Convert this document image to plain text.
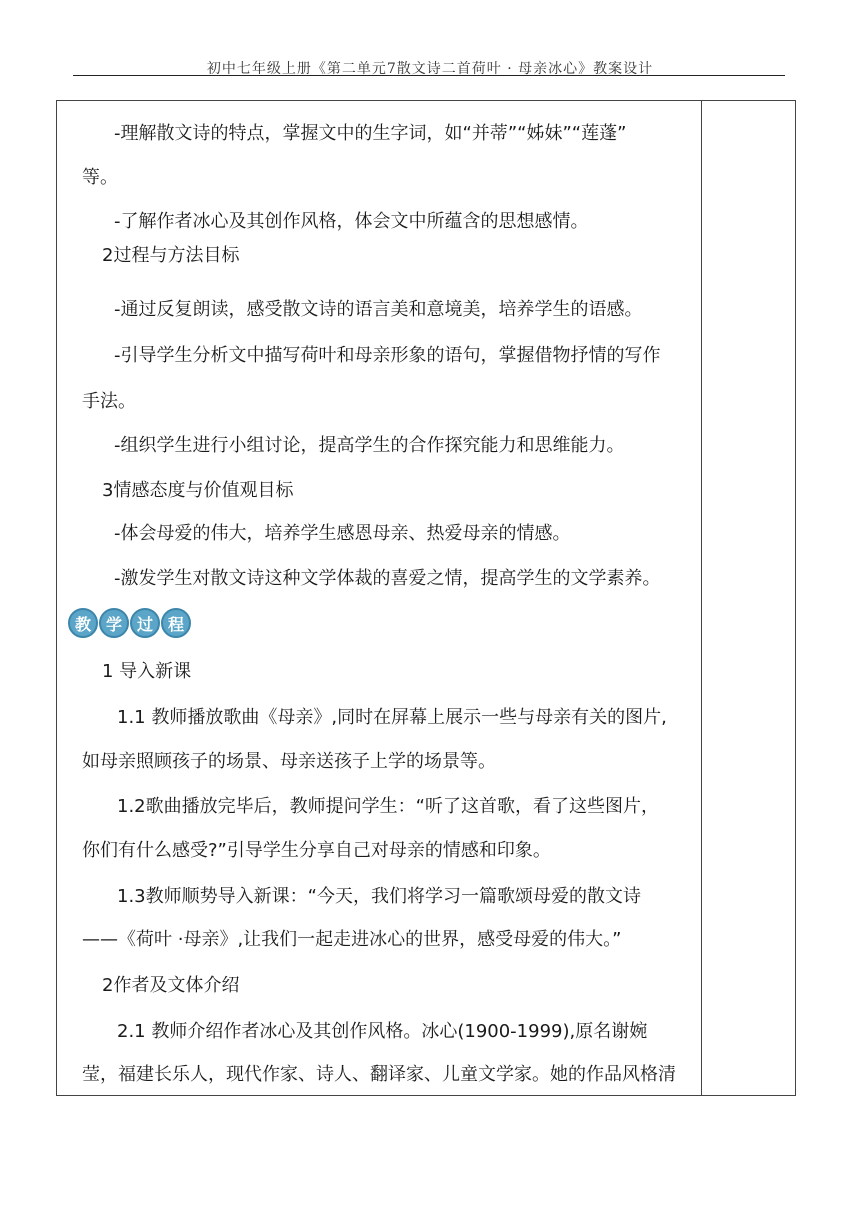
初中七年级上册《第二单元7散文诗二首荷叶 · 母亲冰心》教案设计
-理解散文诗的特点，掌握文中的生字词，如“并蒂”“姊妹”“莲蓬”
等。
-了解作者冰心及其创作风格，体会文中所蕴含的思想感情。
2过程与方法目标
-通过反复朗读，感受散文诗的语言美和意境美，培养学生的语感。
-引导学生分析文中描写荷叶和母亲形象的语句，掌握借物抒情的写作
手法。
-组织学生进行小组讨论，提高学生的合作探究能力和思维能力。
3情感态度与价值观目标
-体会母爱的伟大，培养学生感恩母亲、热爱母亲的情感。
-激发学生对散文诗这种文学体裁的喜爱之情，提高学生的文学素养。
教 学 过 程
1 导入新课
1.1 教师播放歌曲《母亲》,同时在屏幕上展示一些与母亲有关的图片,
如母亲照顾孩子的场景、母亲送孩子上学的场景等。
1.2歌曲播放完毕后，教师提问学生：“听了这首歌，看了这些图片，
你们有什么感受?”引导学生分享自己对母亲的情感和印象。
1.3教师顺势导入新课：“今天，我们将学习一篇歌颂母爱的散文诗
——《荷叶 ·母亲》,让我们一起走进冰心的世界，感受母爱的伟大。”
2作者及文体介绍
2.1 教师介绍作者冰心及其创作风格。冰心(1900-1999),原名谢婉
莹，福建长乐人，现代作家、诗人、翻译家、儿童文学家。她的作品风格清
